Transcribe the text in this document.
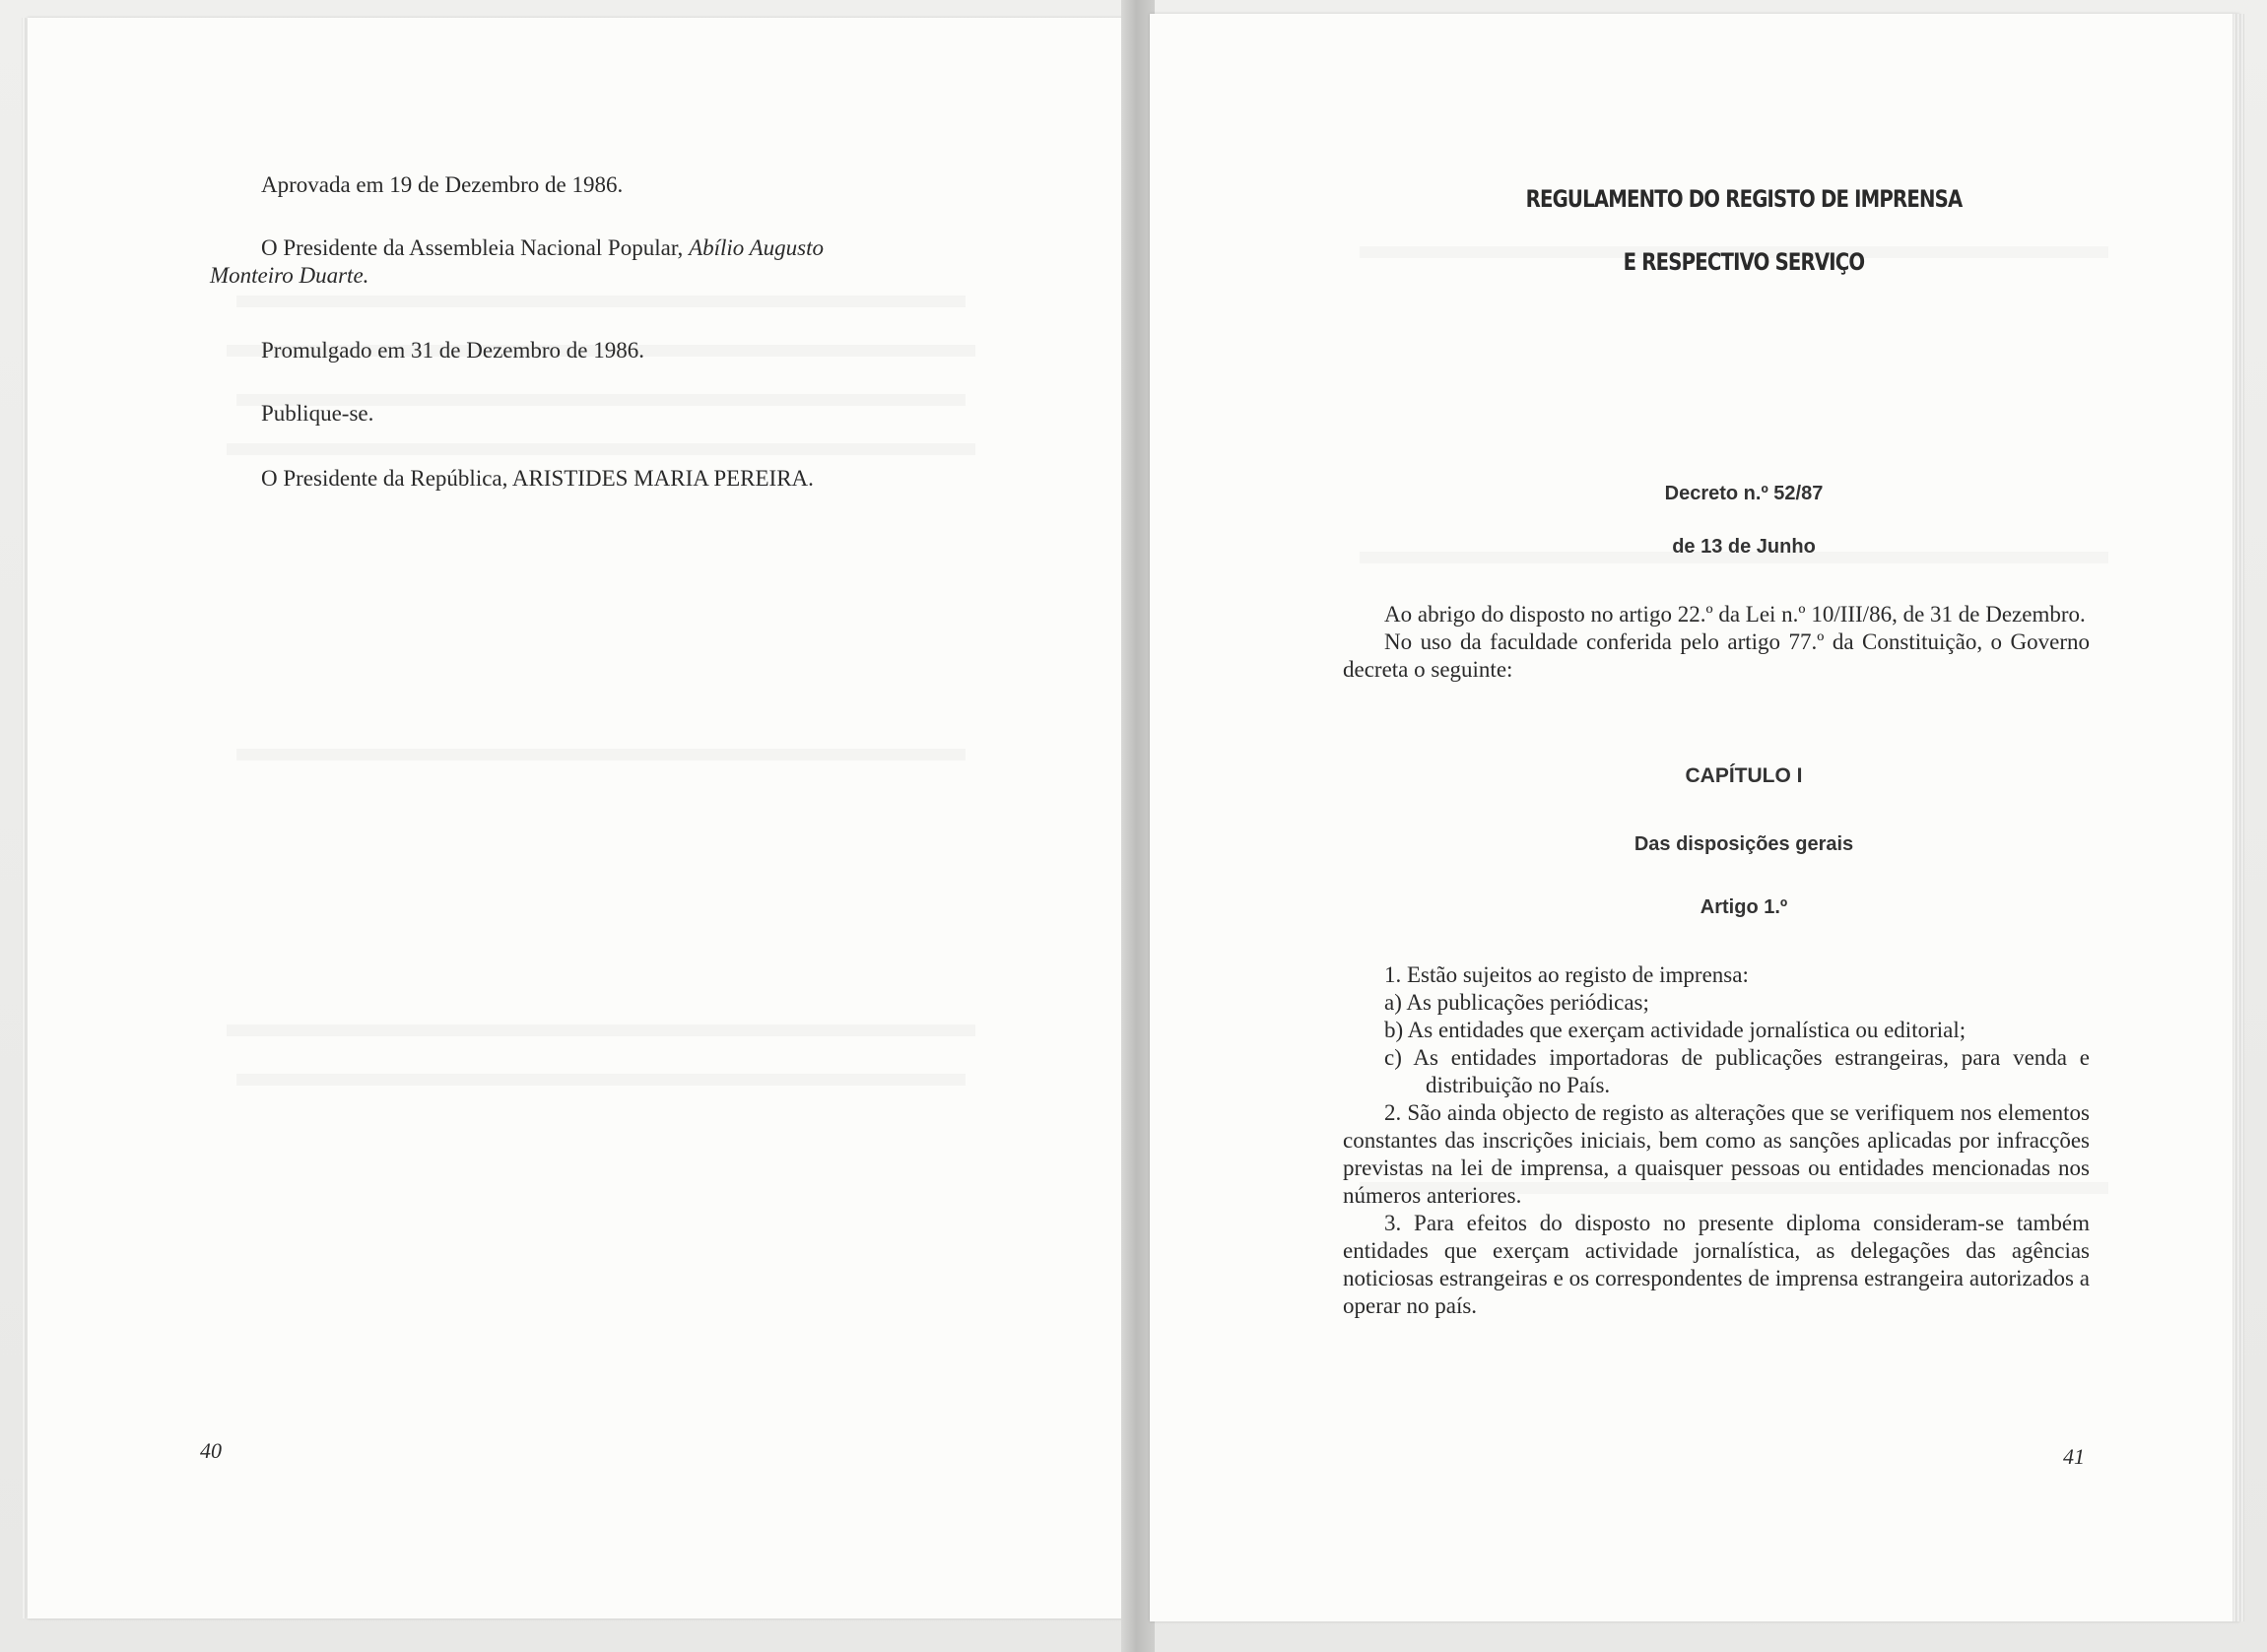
Aprovada em 19 de Dezembro de 1986.

O Presidente da Assembleia Nacional Popular, Abílio Augusto
Monteiro Duarte.

Promulgado em 31 de Dezembro de 1986.

Publique-se.

O Presidente da República, ARISTIDES MARIA PEREIRA.

40
REGULAMENTO DO REGISTO DE IMPRENSA
E RESPECTIVO SERVIÇO
Decreto n.º 52/87
de 13 de Junho

Ao abrigo do disposto no artigo 22.º da Lei n.º 10/III/86, de 31 de Dezembro.

No uso da faculdade conferida pelo artigo 77.º da Constituição, o Governo decreta o seguinte:

CAPÍTULO I
Das disposições gerais
Artigo 1.º

1. Estão sujeitos ao registo de imprensa:

a) As publicações periódicas;

b) As entidades que exerçam actividade jornalística ou editorial;

c) As entidades importadoras de publicações estrangeiras, para venda e distribuição no País.

2. São ainda objecto de registo as alterações que se verifiquem nos elementos constantes das inscrições iniciais, bem como as sanções aplicadas por infracções previstas na lei de imprensa, a quaisquer pessoas ou entidades mencionadas nos números anteriores.

3. Para efeitos do disposto no presente diploma consideram-se também entidades que exerçam actividade jornalística, as delegações das agências noticiosas estrangeiras e os correspondentes de imprensa estrangeira autorizados a operar no país.

41
